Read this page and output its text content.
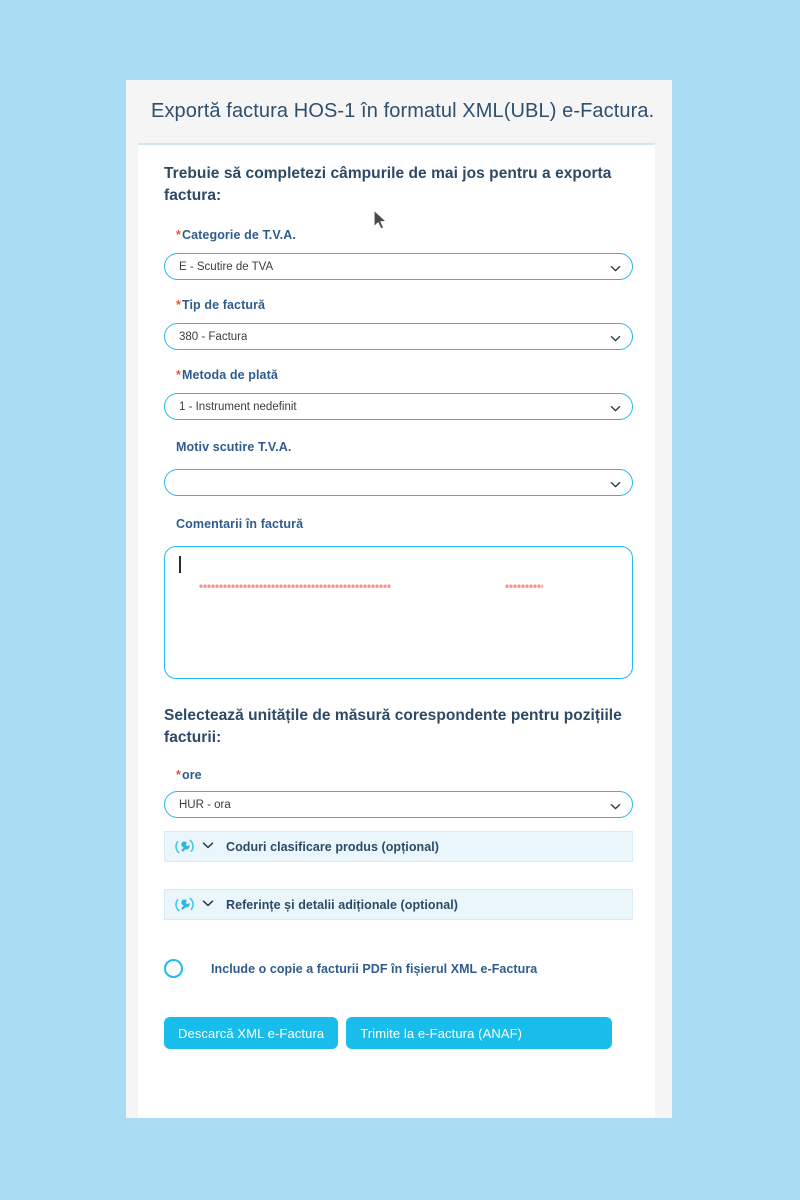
Exportă factura HOS-1 în formatul XML(UBL) e-Factura.
Trebuie să completezi câmpurile de mai jos pentru a exporta factura:
*Categorie de T.V.A.
E - Scutire de TVA
*Tip de factură
380 - Factura
*Metoda de plată
1 - Instrument nedefinit
Motiv scutire T.V.A.
Comentarii în factură
Selectează unitățile de măsură corespondente pentru pozițiile facturii:
*ore
HUR - ora
Coduri clasificare produs (opțional)
Referințe și detalii adiționale (optional)
Include o copie a facturii PDF în fișierul XML e-Factura
Descarcă XML e-Factura	Trimite la e-Factura (ANAF)
